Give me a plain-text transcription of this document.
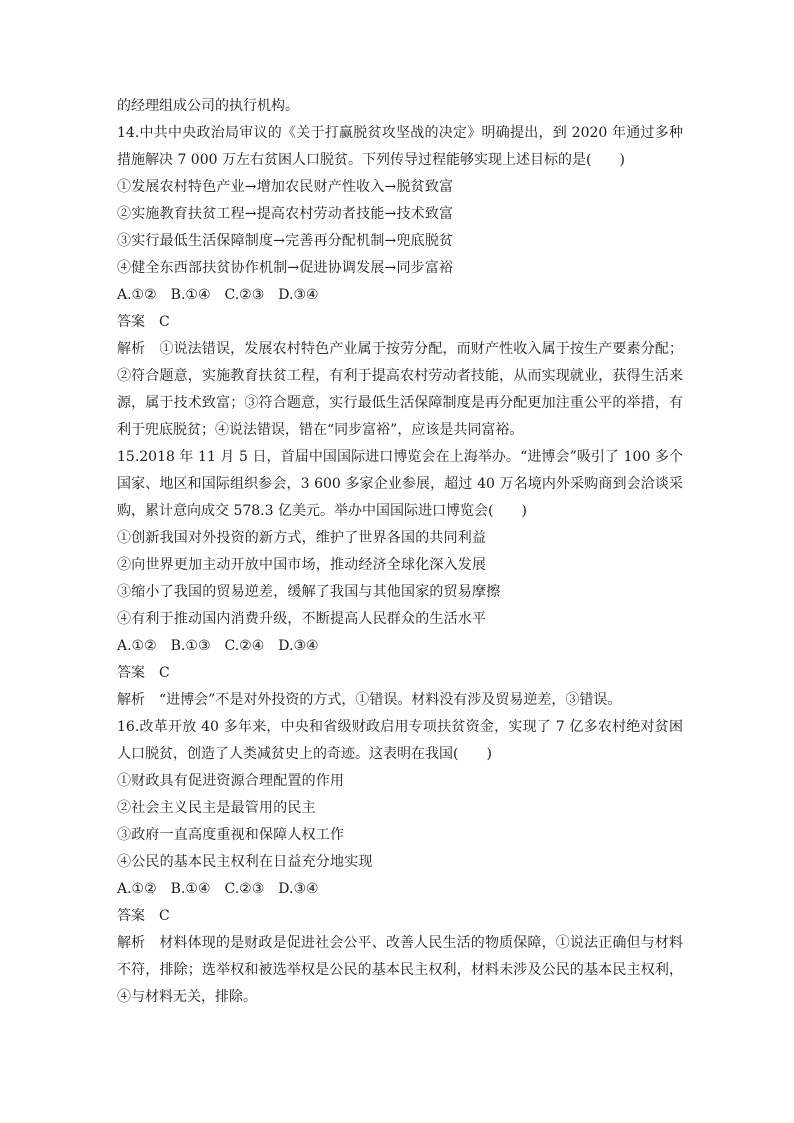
的经理组成公司的执行机构。
14.中共中央政治局审议的《关于打赢脱贫攻坚战的决定》明确提出，到 2020 年通过多种措施解决 7 000 万左右贫困人口脱贫。下列传导过程能够实现上述目标的是(　　)
①发展农村特色产业→增加农民财产性收入→脱贫致富
②实施教育扶贫工程→提高农村劳动者技能→技术致富
③实行最低生活保障制度→完善再分配机制→兜底脱贫
④健全东西部扶贫协作机制→促进协调发展→同步富裕
A.①②　B.①④　C.②③　D.③④
答案 C
解析 ①说法错误，发展农村特色产业属于按劳分配，而财产性收入属于按生产要素分配；②符合题意，实施教育扶贫工程，有利于提高农村劳动者技能，从而实现就业，获得生活来源，属于技术致富；③符合题意，实行最低生活保障制度是再分配更加注重公平的举措，有利于兜底脱贫；④说法错误，错在“同步富裕”，应该是共同富裕。
15.2018 年 11 月 5 日，首届中国国际进口博览会在上海举办。“进博会”吸引了 100 多个国家、地区和国际组织参会，3 600 多家企业参展，超过 40 万名境内外采购商到会洽谈采购，累计意向成交 578.3 亿美元。举办中国国际进口博览会(　　)
①创新我国对外投资的新方式，维护了世界各国的共同利益
②向世界更加主动开放中国市场，推动经济全球化深入发展
③缩小了我国的贸易逆差，缓解了我国与其他国家的贸易摩擦
④有利于推动国内消费升级，不断提高人民群众的生活水平
A.①②　B.①③　C.②④　D.③④
答案 C
解析 “进博会”不是对外投资的方式，①错误。材料没有涉及贸易逆差，③错误。
16.改革开放 40 多年来，中央和省级财政启用专项扶贫资金，实现了 7 亿多农村绝对贫困人口脱贫，创造了人类减贫史上的奇迹。这表明在我国(　　)
①财政具有促进资源合理配置的作用
②社会主义民主是最管用的民主
③政府一直高度重视和保障人权工作
④公民的基本民主权利在日益充分地实现
A.①②　B.①④　C.②③　D.③④
答案 C
解析 材料体现的是财政是促进社会公平、改善人民生活的物质保障，①说法正确但与材料不符，排除；选举权和被选举权是公民的基本民主权利，材料未涉及公民的基本民主权利，④与材料无关，排除。
